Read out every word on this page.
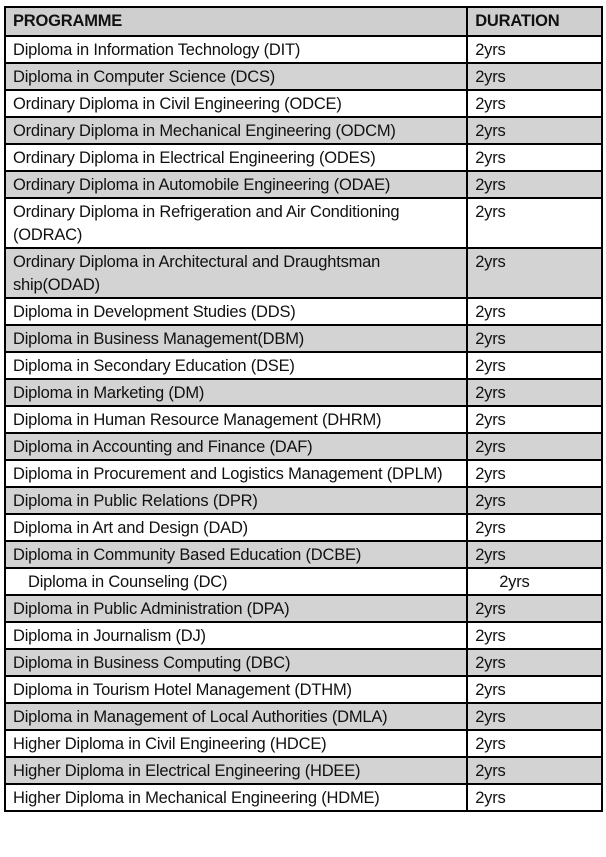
PROGRAMME	DURATION
Diploma in Information Technology (DIT)	2yrs
Diploma in Computer Science (DCS)	2yrs
Ordinary Diploma in Civil Engineering (ODCE)	2yrs
Ordinary Diploma in Mechanical Engineering (ODCM)	2yrs
Ordinary Diploma in Electrical Engineering (ODES)	2yrs
Ordinary Diploma in Automobile Engineering (ODAE)	2yrs
Ordinary Diploma in Refrigeration and Air Conditioning (ODRAC)	2yrs
Ordinary Diploma in Architectural and Draughtsman ship(ODAD)	2yrs
Diploma in Development Studies (DDS)	2yrs
Diploma in Business Management(DBM)	2yrs
Diploma in Secondary Education (DSE)	2yrs
Diploma in Marketing (DM)	2yrs
Diploma in Human Resource Management (DHRM)	2yrs
Diploma in Accounting and Finance (DAF)	2yrs
Diploma in Procurement and Logistics Management (DPLM)	2yrs
Diploma in Public Relations (DPR)	2yrs
Diploma in Art and Design (DAD)	2yrs
Diploma in Community Based Education (DCBE)	2yrs
Diploma in Counseling (DC)	2yrs
Diploma in Public Administration (DPA)	2yrs
Diploma in Journalism (DJ)	2yrs
Diploma in Business Computing (DBC)	2yrs
Diploma in Tourism Hotel Management (DTHM)	2yrs
Diploma in Management of Local Authorities (DMLA)	2yrs
Higher Diploma in Civil Engineering (HDCE)	2yrs
Higher Diploma in Electrical Engineering (HDEE)	2yrs
Higher Diploma in Mechanical Engineering (HDME)	2yrs
